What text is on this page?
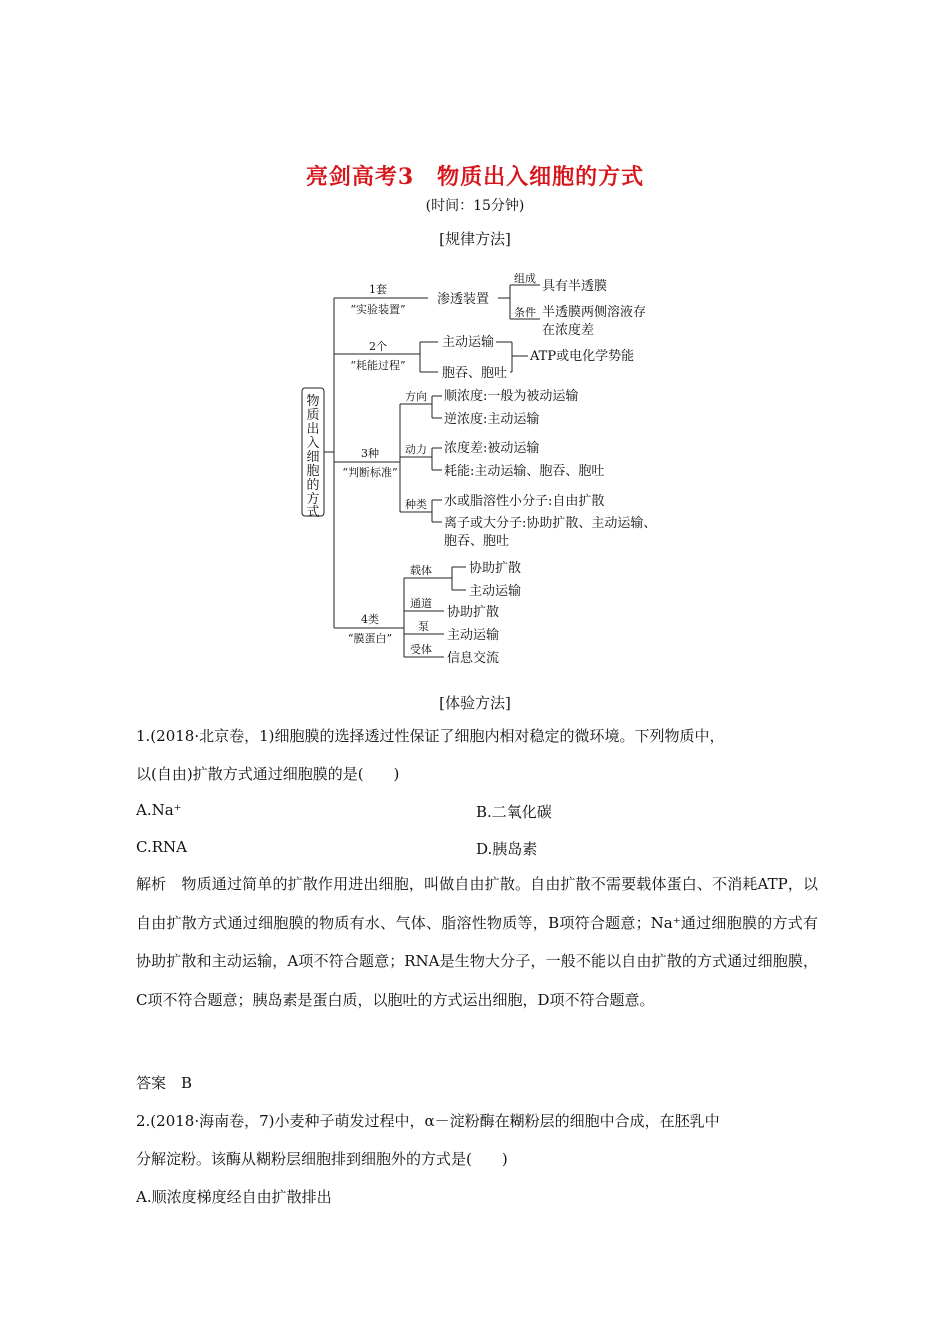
亮剑高考3　物质出入细胞的方式
(时间：15分钟)
[规律方法]
物
质
出
入
细
胞
的
方
式
1套
“实验装置”
2个
“耗能过程”
3种
“判断标准”
4类
“膜蛋白”
组成
条件
方向
动力
种类
载体
通道
泵
受体
渗透装置
具有半透膜
半透膜两侧溶液存
在浓度差
主动运输
胞吞、胞吐
ATP或电化学势能
顺浓度:一般为被动运输
逆浓度:主动运输
浓度差:被动运输
耗能:主动运输、胞吞、胞吐
水或脂溶性小分子:自由扩散
离子或大分子:协助扩散、主动运输、
胞吞、胞吐
协助扩散
主动运输
协助扩散
主动运输
信息交流
[体验方法]
1.(2018·北京卷，1)细胞膜的选择透过性保证了细胞内相对稳定的微环境。下列物质中，
以(自由)扩散方式通过细胞膜的是(　　)
A.Na⁺	B.二氧化碳
C.RNA	D.胰岛素
解析　物质通过简单的扩散作用进出细胞，叫做自由扩散。自由扩散不需要载体蛋白、不消耗ATP，以自由扩散方式通过细胞膜的物质有水、气体、脂溶性物质等，B项符合题意；Na⁺通过细胞膜的方式有协助扩散和主动运输，A项不符合题意；RNA是生物大分子，一般不能以自由扩散的方式通过细胞膜，C项不符合题意；胰岛素是蛋白质，以胞吐的方式运出细胞，D项不符合题意。
答案　B
2.(2018·海南卷，7)小麦种子萌发过程中，α－淀粉酶在糊粉层的细胞中合成，在胚乳中
分解淀粉。该酶从糊粉层细胞排到细胞外的方式是(　　)
A.顺浓度梯度经自由扩散排出
